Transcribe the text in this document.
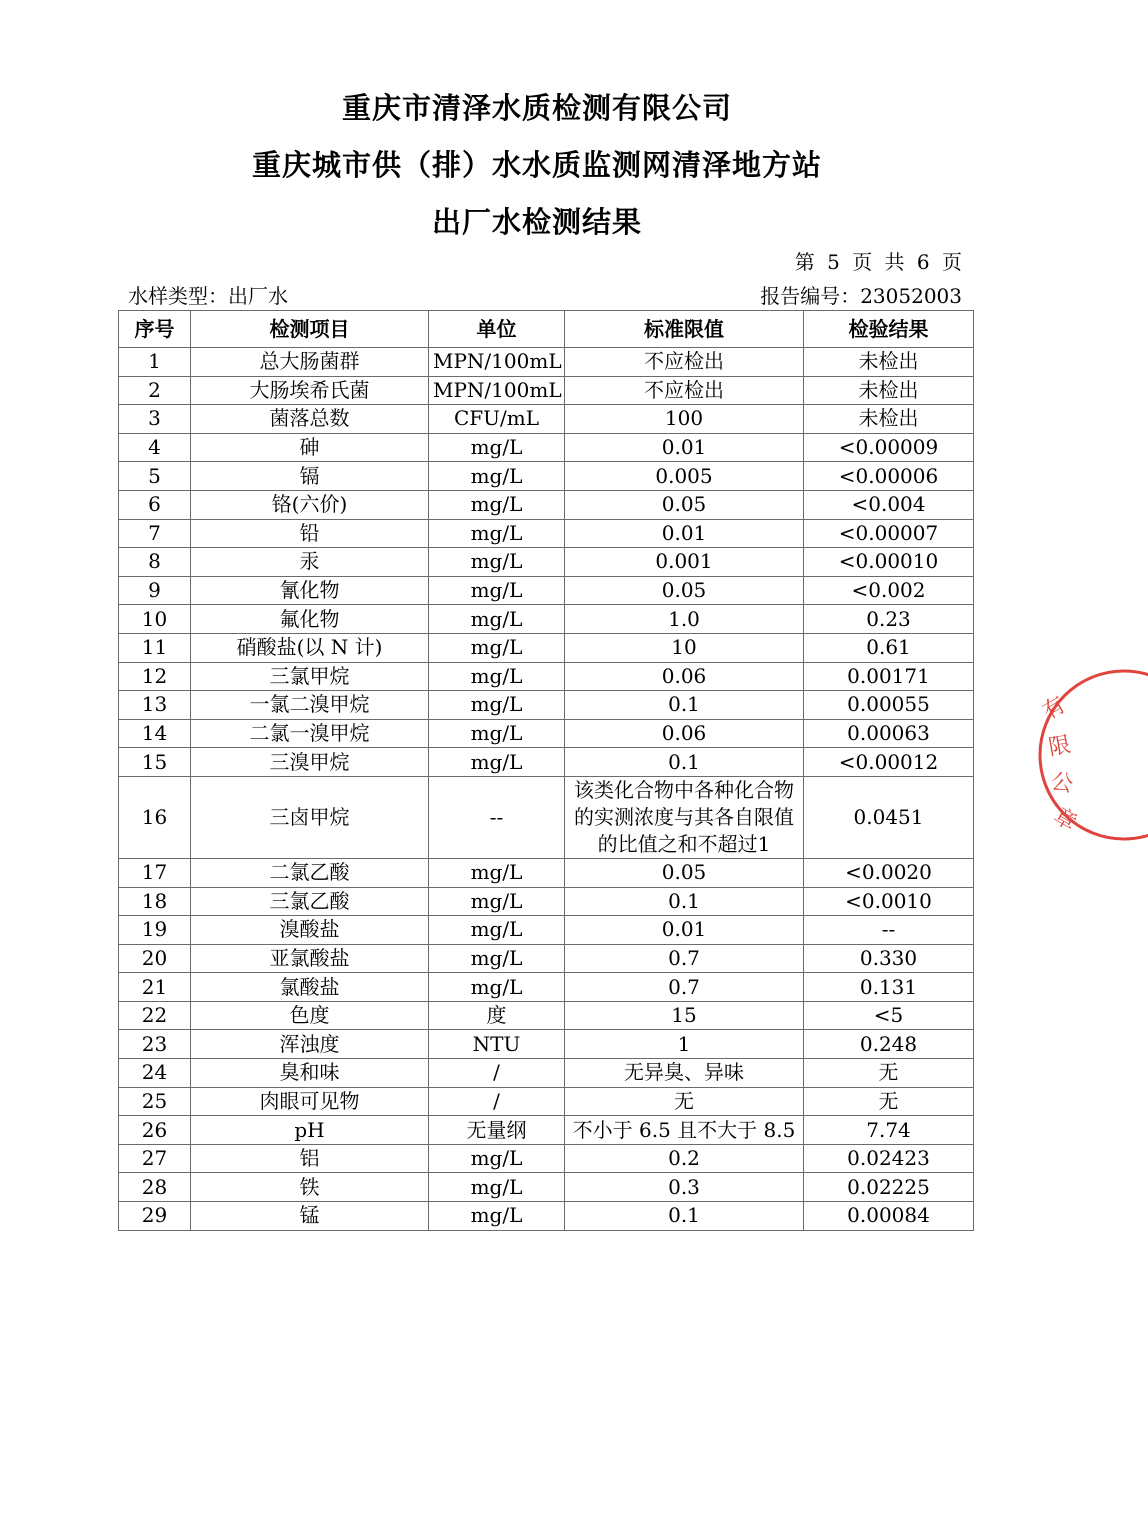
重庆市清泽水质检测有限公司
重庆城市供（排）水水质监测网清泽地方站
出厂水检测结果
第 5 页 共 6 页
水样类型：出厂水	报告编号：23052003
序号	检测项目	单位	标准限值	检验结果
1	总大肠菌群	MPN/100mL	不应检出	未检出
2	大肠埃希氏菌	MPN/100mL	不应检出	未检出
3	菌落总数	CFU/mL	100	未检出
4	砷	mg/L	0.01	<0.00009
5	镉	mg/L	0.005	<0.00006
6	铬(六价)	mg/L	0.05	<0.004
7	铅	mg/L	0.01	<0.00007
8	汞	mg/L	0.001	<0.00010
9	氰化物	mg/L	0.05	<0.002
10	氟化物	mg/L	1.0	0.23
11	硝酸盐(以 N 计)	mg/L	10	0.61
12	三氯甲烷	mg/L	0.06	0.00171
13	一氯二溴甲烷	mg/L	0.1	0.00055
14	二氯一溴甲烷	mg/L	0.06	0.00063
15	三溴甲烷	mg/L	0.1	<0.00012
16	三卤甲烷	--	该类化合物中各种化合物的实测浓度与其各自限值的比值之和不超过1	0.0451
17	二氯乙酸	mg/L	0.05	<0.0020
18	三氯乙酸	mg/L	0.1	<0.0010
19	溴酸盐	mg/L	0.01	--
20	亚氯酸盐	mg/L	0.7	0.330
21	氯酸盐	mg/L	0.7	0.131
22	色度	度	15	<5
23	浑浊度	NTU	1	0.248
24	臭和味	/	无异臭、异味	无
25	肉眼可见物	/	无	无
26	pH	无量纲	不小于 6.5 且不大于 8.5	7.74
27	铝	mg/L	0.2	0.02423
28	铁	mg/L	0.3	0.02225
29	锰	mg/L	0.1	0.00084
有
限
公
章
